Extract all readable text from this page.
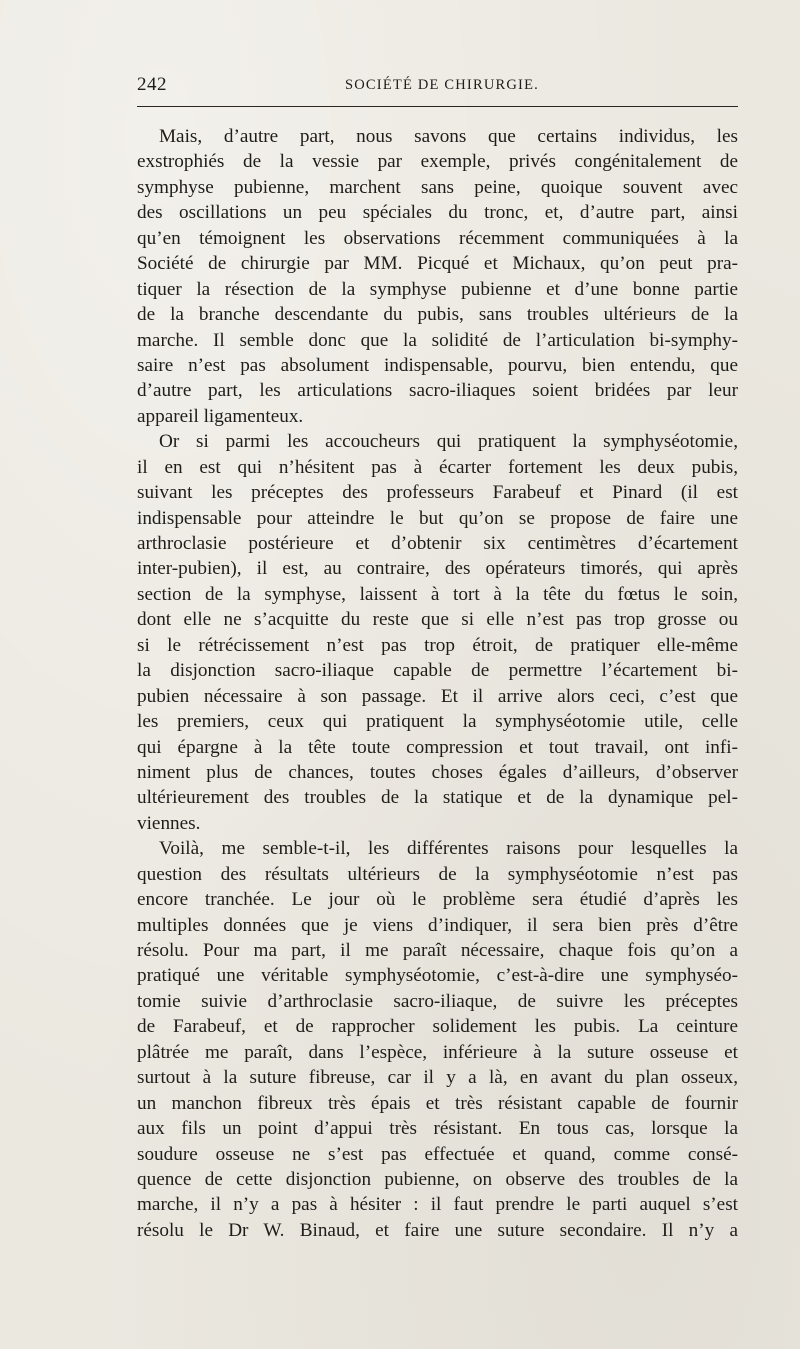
242	SOCIÉTÉ DE CHIRURGIE.
Mais, d’autre part, nous savons que certains individus, les
exstrophiés de la vessie par exemple, privés congénitalement de
symphyse pubienne, marchent sans peine, quoique souvent avec
des oscillations un peu spéciales du tronc, et, d’autre part, ainsi
qu’en témoignent les observations récemment communiquées à la
Société de chirurgie par MM. Picqué et Michaux, qu’on peut pra-
tiquer la résection de la symphyse pubienne et d’une bonne partie
de la branche descendante du pubis, sans troubles ultérieurs de la
marche. Il semble donc que la solidité de l’articulation bi-symphy-
saire n’est pas absolument indispensable, pourvu, bien entendu, que
d’autre part, les articulations sacro-iliaques soient bridées par leur
appareil ligamenteux.
Or si parmi les accoucheurs qui pratiquent la symphyséotomie,
il en est qui n’hésitent pas à écarter fortement les deux pubis,
suivant les préceptes des professeurs Farabeuf et Pinard (il est
indispensable pour atteindre le but qu’on se propose de faire une
arthroclasie postérieure et d’obtenir six centimètres d’écartement
inter-pubien), il est, au contraire, des opérateurs timorés, qui après
section de la symphyse, laissent à tort à la tête du fœtus le soin,
dont elle ne s’acquitte du reste que si elle n’est pas trop grosse ou
si le rétrécissement n’est pas trop étroit, de pratiquer elle-même
la disjonction sacro-iliaque capable de permettre l’écartement bi-
pubien nécessaire à son passage. Et il arrive alors ceci, c’est que
les premiers, ceux qui pratiquent la symphyséotomie utile, celle
qui épargne à la tête toute compression et tout travail, ont infi-
niment plus de chances, toutes choses égales d’ailleurs, d’observer
ultérieurement des troubles de la statique et de la dynamique pel-
viennes.
Voilà, me semble-t-il, les différentes raisons pour lesquelles la
question des résultats ultérieurs de la symphyséotomie n’est pas
encore tranchée. Le jour où le problème sera étudié d’après les
multiples données que je viens d’indiquer, il sera bien près d’être
résolu. Pour ma part, il me paraît nécessaire, chaque fois qu’on a
pratiqué une véritable symphyséotomie, c’est-à-dire une symphyséo-
tomie suivie d’arthroclasie sacro-iliaque, de suivre les préceptes
de Farabeuf, et de rapprocher solidement les pubis. La ceinture
plâtrée me paraît, dans l’espèce, inférieure à la suture osseuse et
surtout à la suture fibreuse, car il y a là, en avant du plan osseux,
un manchon fibreux très épais et très résistant capable de fournir
aux fils un point d’appui très résistant. En tous cas, lorsque la
soudure osseuse ne s’est pas effectuée et quand, comme consé-
quence de cette disjonction pubienne, on observe des troubles de la
marche, il n’y a pas à hésiter : il faut prendre le parti auquel s’est
résolu le Dr W. Binaud, et faire une suture secondaire. Il n’y a
